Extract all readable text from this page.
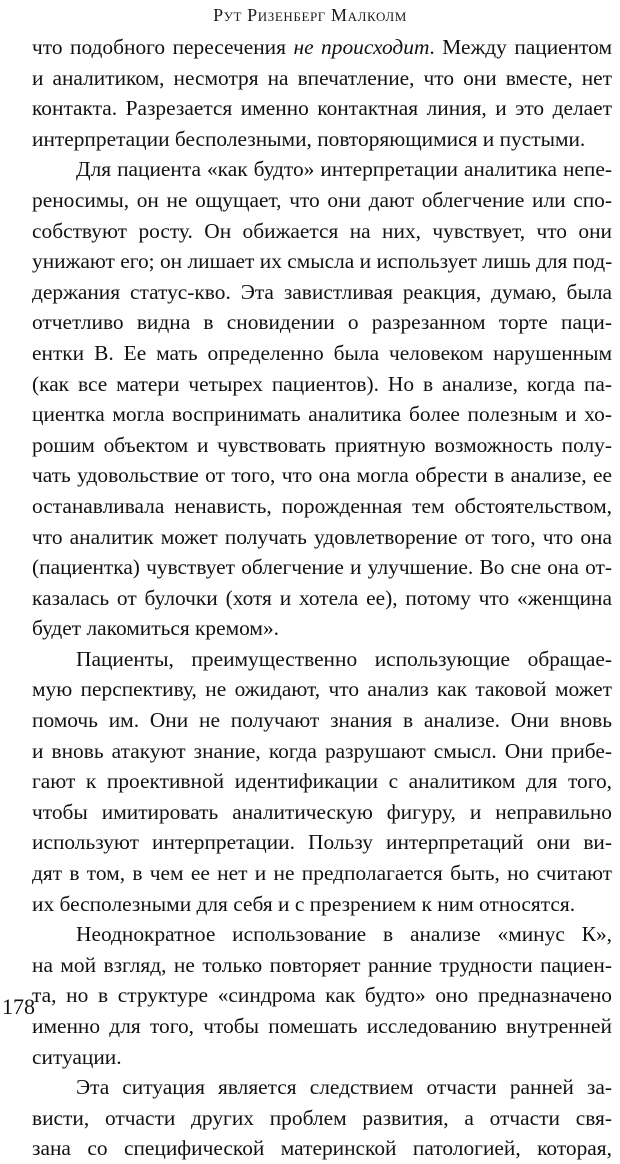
Рут Ризенберг Малколм
что подобного пересечения не происходит. Между пациентом
и аналитиком, несмотря на впечатление, что они вместе, нет
контакта. Разрезается именно контактная линия, и это делает
интерпретации бесполезными, повторяющимися и пустыми.
Для пациента «как будто» интерпретации аналитика непе-
реносимы, он не ощущает, что они дают облегчение или спо-
собствуют росту. Он обижается на них, чувствует, что они
унижают его; он лишает их смысла и использует лишь для под-
держания статус-кво. Эта завистливая реакция, думаю, была
отчетливо видна в сновидении о разрезанном торте паци-
ентки В. Ее мать определенно была человеком нарушенным
(как все матери четырех пациентов). Но в анализе, когда па-
циентка могла воспринимать аналитика более полезным и хо-
рошим объектом и чувствовать приятную возможность полу-
чать удовольствие от того, что она могла обрести в анализе, ее
останавливала ненависть, порожденная тем обстоятельством,
что аналитик может получать удовлетворение от того, что она
(пациентка) чувствует облегчение и улучшение. Во сне она от-
казалась от булочки (хотя и хотела ее), потому что «женщина
будет лакомиться кремом».
Пациенты, преимущественно использующие обращае-
мую перспективу, не ожидают, что анализ как таковой может
помочь им. Они не получают знания в анализе. Они вновь
и вновь атакуют знание, когда разрушают смысл. Они прибе-
гают к проективной идентификации с аналитиком для того,
чтобы имитировать аналитическую фигуру, и неправильно
используют интерпретации. Пользу интерпретаций они ви-
дят в том, в чем ее нет и не предполагается быть, но считают
их бесполезными для себя и с презрением к ним относятся.
Неоднократное использование в анализе «минус К»,
на мой взгляд, не только повторяет ранние трудности пациен-
та, но в структуре «синдрома как будто» оно предназначено
именно для того, чтобы помешать исследованию внутренней
ситуации.
Эта ситуация является следствием отчасти ранней за-
висти, отчасти других проблем развития, а отчасти свя-
зана со специфической материнской патологией, которая,
178
